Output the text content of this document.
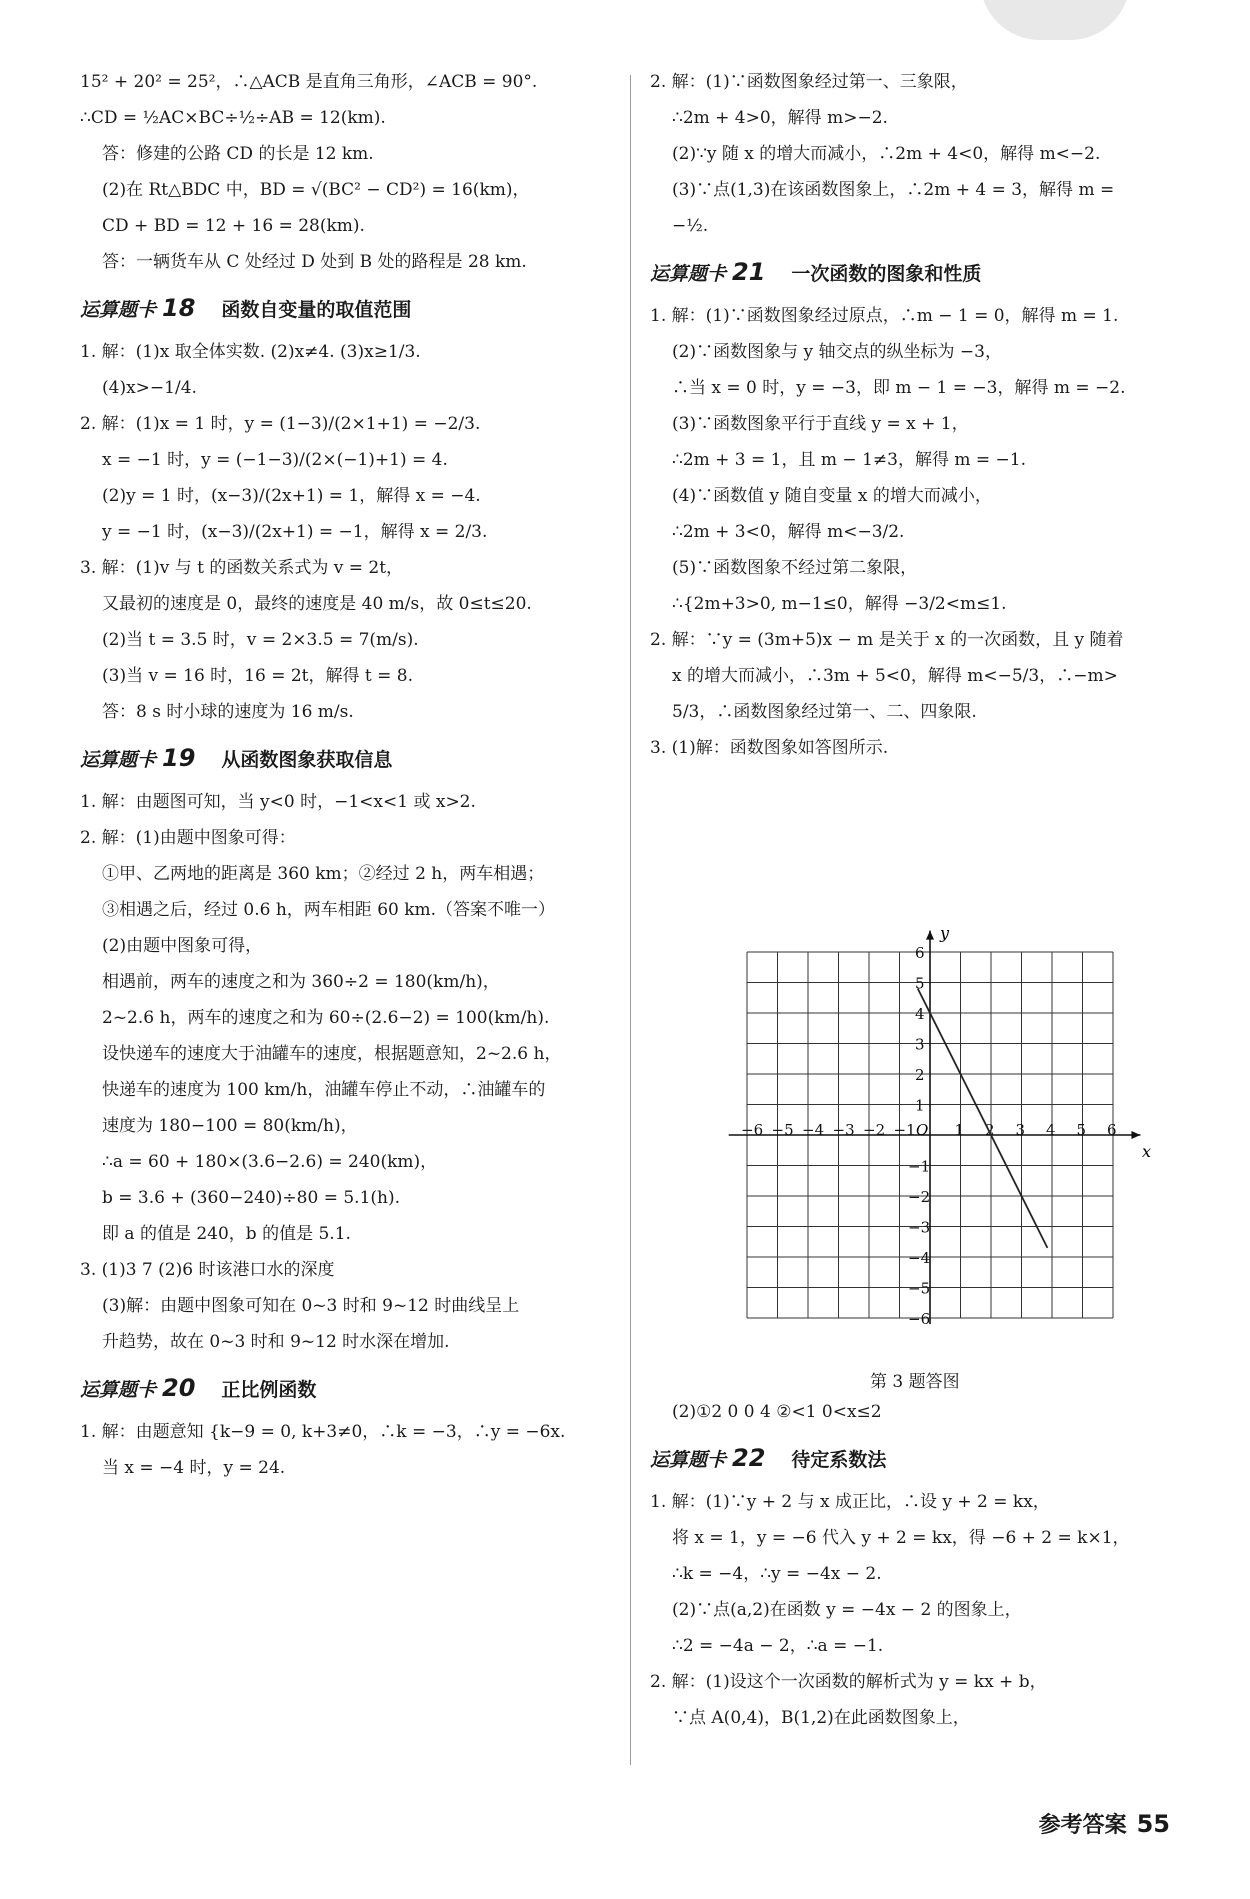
15² + 20² = 25²，∴△ACB 是直角三角形，∠ACB = 90°.
∴CD = ½AC×BC÷½÷AB = 12(km).
答：修建的公路 CD 的长是 12 km.
(2)在 Rt△BDC 中，BD = √(BC² − CD²) = 16(km)，
CD + BD = 12 + 16 = 28(km).
答：一辆货车从 C 处经过 D 处到 B 处的路程是 28 km.
运算题卡 18 函数自变量的取值范围
1. 解：(1)x 取全体实数. (2)x≠4. (3)x≥1/3.
(4)x>−1/4.
2. 解：(1)x = 1 时，y = (1−3)/(2×1+1) = −2/3.
x = −1 时，y = (−1−3)/(2×(−1)+1) = 4.
(2)y = 1 时，(x−3)/(2x+1) = 1，解得 x = −4.
y = −1 时，(x−3)/(2x+1) = −1，解得 x = 2/3.
3. 解：(1)v 与 t 的函数关系式为 v = 2t，
又最初的速度是 0，最终的速度是 40 m/s，故 0≤t≤20.
(2)当 t = 3.5 时，v = 2×3.5 = 7(m/s).
(3)当 v = 16 时，16 = 2t，解得 t = 8.
答：8 s 时小球的速度为 16 m/s.
运算题卡 19 从函数图象获取信息
1. 解：由题图可知，当 y<0 时，−1<x<1 或 x>2.
2. 解：(1)由题中图象可得：
①甲、乙两地的距离是 360 km；②经过 2 h，两车相遇；
③相遇之后，经过 0.6 h，两车相距 60 km.（答案不唯一）
(2)由题中图象可得，
相遇前，两车的速度之和为 360÷2 = 180(km/h)，
2~2.6 h，两车的速度之和为 60÷(2.6−2) = 100(km/h).
设快递车的速度大于油罐车的速度，根据题意知，2~2.6 h，
快递车的速度为 100 km/h，油罐车停止不动，∴油罐车的
速度为 180−100 = 80(km/h)，
∴a = 60 + 180×(3.6−2.6) = 240(km)，
b = 3.6 + (360−240)÷80 = 5.1(h).
即 a 的值是 240，b 的值是 5.1.
3. (1)3 7 (2)6 时该港口水的深度
(3)解：由题中图象可知在 0~3 时和 9~12 时曲线呈上
升趋势，故在 0~3 时和 9~12 时水深在增加.
运算题卡 20 正比例函数
1. 解：由题意知 {k−9 = 0, k+3≠0，∴k = −3，∴y = −6x.
当 x = −4 时，y = 24.
2. 解：(1)∵函数图象经过第一、三象限，
∴2m + 4>0，解得 m>−2.
(2)∵y 随 x 的增大而减小，∴2m + 4<0，解得 m<−2.
(3)∵点(1,3)在该函数图象上，∴2m + 4 = 3，解得 m =
−½.
运算题卡 21 一次函数的图象和性质
1. 解：(1)∵函数图象经过原点，∴m − 1 = 0，解得 m = 1.
(2)∵函数图象与 y 轴交点的纵坐标为 −3，
∴当 x = 0 时，y = −3，即 m − 1 = −3，解得 m = −2.
(3)∵函数图象平行于直线 y = x + 1，
∴2m + 3 = 1，且 m − 1≠3，解得 m = −1.
(4)∵函数值 y 随自变量 x 的增大而减小，
∴2m + 3<0，解得 m<−3/2.
(5)∵函数图象不经过第二象限，
∴{2m+3>0, m−1≤0，解得 −3/2<m≤1.
2. 解：∵y = (3m+5)x − m 是关于 x 的一次函数，且 y 随着
x 的增大而减小，∴3m + 5<0，解得 m<−5/3，∴−m>
5/3，∴函数图象经过第一、二、四象限.
3. (1)解：函数图象如答图所示.
−6
−6
−5
−5
−4
−4
−3
−3
−2
−2
−1
−1
1
1
2
2
3
3
4
4
5
5
6
6
x
y
O
第 3 题答图
(2)①2 0 0 4 ②<1 0<x≤2
运算题卡 22 待定系数法
1. 解：(1)∵y + 2 与 x 成正比，∴设 y + 2 = kx，
将 x = 1，y = −6 代入 y + 2 = kx，得 −6 + 2 = k×1，
∴k = −4，∴y = −4x − 2.
(2)∵点(a,2)在函数 y = −4x − 2 的图象上，
∴2 = −4a − 2，∴a = −1.
2. 解：(1)设这个一次函数的解析式为 y = kx + b，
∵点 A(0,4)，B(1,2)在此函数图象上，
参考答案 55
